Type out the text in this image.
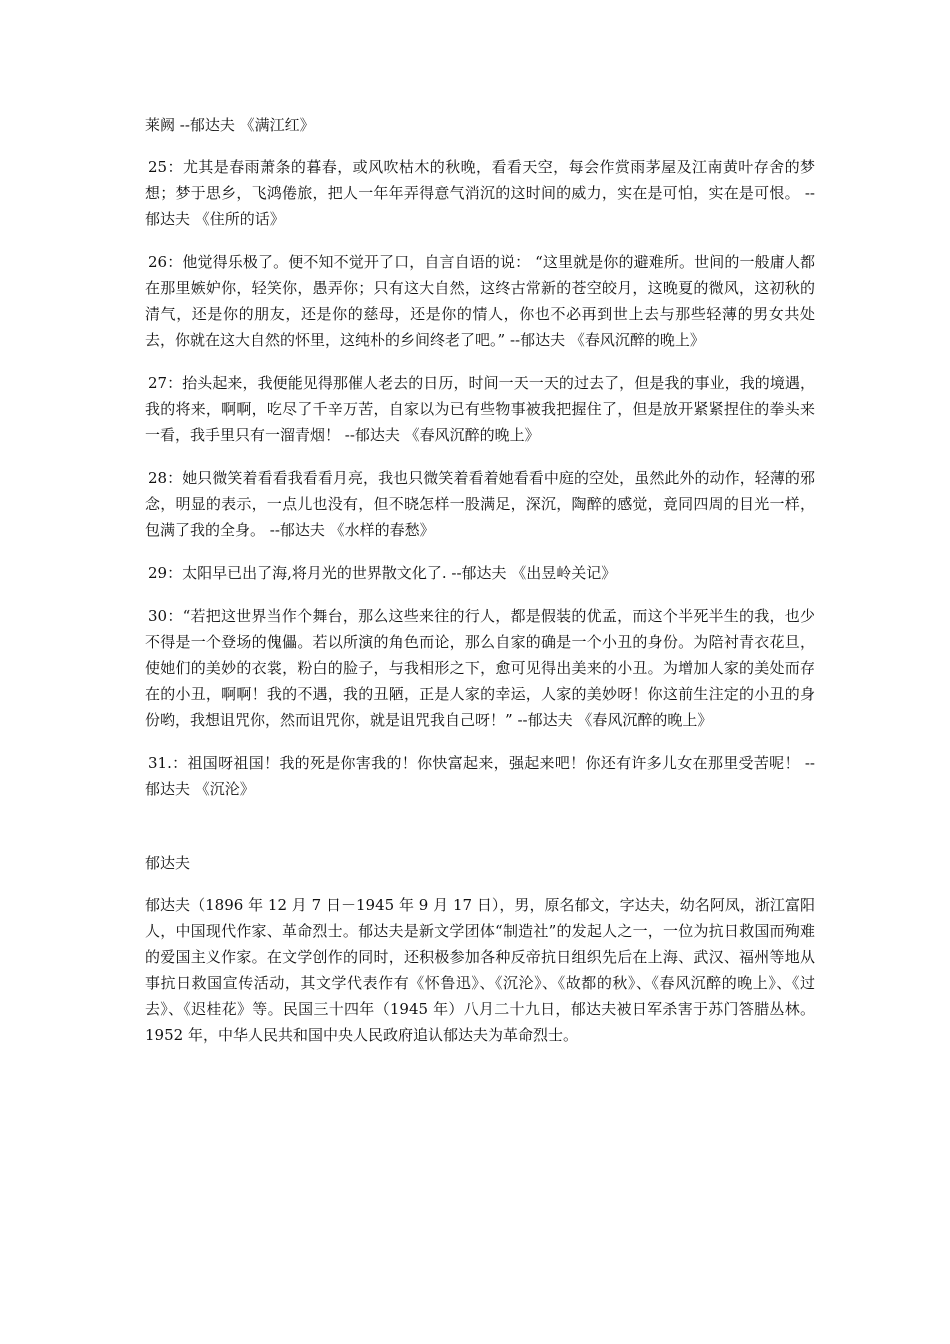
莱阙 --郁达夫 《满江红》

25：尤其是春雨萧条的暮春，或风吹枯木的秋晚，看看天空，每会作赏雨茅屋及江南黄叶存舍的梦想；梦于思乡，飞鸿倦旅，把人一年年弄得意气消沉的这时间的威力，实在是可怕，实在是可恨。 --郁达夫 《住所的话》
26：他觉得乐极了。便不知不觉开了口，自言自语的说： “这里就是你的避难所。世间的一般庸人都在那里嫉妒你，轻笑你，愚弄你；只有这大自然，这终古常新的苍空皎月，这晚夏的微风，这初秋的清气，还是你的朋友，还是你的慈母，还是你的情人，你也不必再到世上去与那些轻薄的男女共处去，你就在这大自然的怀里，这纯朴的乡间终老了吧。” --郁达夫 《春风沉醉的晚上》
27：抬头起来，我便能见得那催人老去的日历，时间一天一天的过去了，但是我的事业，我的境遇，我的将来，啊啊，吃尽了千辛万苦，自家以为已有些物事被我把握住了，但是放开紧紧捏住的拳头来一看，我手里只有一溜青烟！ --郁达夫 《春风沉醉的晚上》
28：她只微笑着看看我看看月亮，我也只微笑着看着她看看中庭的空处，虽然此外的动作，轻薄的邪念，明显的表示，一点儿也没有，但不晓怎样一股满足，深沉，陶醉的感觉，竟同四周的目光一样，包满了我的全身。 --郁达夫 《水样的春愁》
29：太阳早已出了海,将月光的世界散文化了. --郁达夫 《出昱岭关记》
30：“若把这世界当作个舞台，那么这些来往的行人，都是假装的优孟，而这个半死半生的我，也少不得是一个登场的傀儡。若以所演的角色而论，那么自家的确是一个小丑的身份。为陪衬青衣花旦，使她们的美妙的衣裳，粉白的脸子，与我相形之下，愈可见得出美来的小丑。为增加人家的美处而存在的小丑，啊啊！我的不遇，我的丑陋，正是人家的幸运，人家的美妙呀！你这前生注定的小丑的身份哟，我想诅咒你，然而诅咒你，就是诅咒我自己呀！” --郁达夫 《春风沉醉的晚上》
31.：祖国呀祖国！我的死是你害我的！你快富起来，强起来吧！你还有许多儿女在那里受苦呢！ --郁达夫 《沉沦》

郁达夫

郁达夫（1896 年 12 月 7 日－1945 年 9 月 17 日），男，原名郁文，字达夫，幼名阿凤，浙江富阳人，中国现代作家、革命烈士。郁达夫是新文学团体“制造社”的发起人之一，一位为抗日救国而殉难的爱国主义作家。在文学创作的同时，还积极参加各种反帝抗日组织先后在上海、武汉、福州等地从事抗日救国宣传活动，其文学代表作有《怀鲁迅》、《沉沦》、《故都的秋》、《春风沉醉的晚上》、《过去》、《迟桂花》等。民国三十四年（1945 年）八月二十九日，郁达夫被日军杀害于苏门答腊丛林。1952 年，中华人民共和国中央人民政府追认郁达夫为革命烈士。
